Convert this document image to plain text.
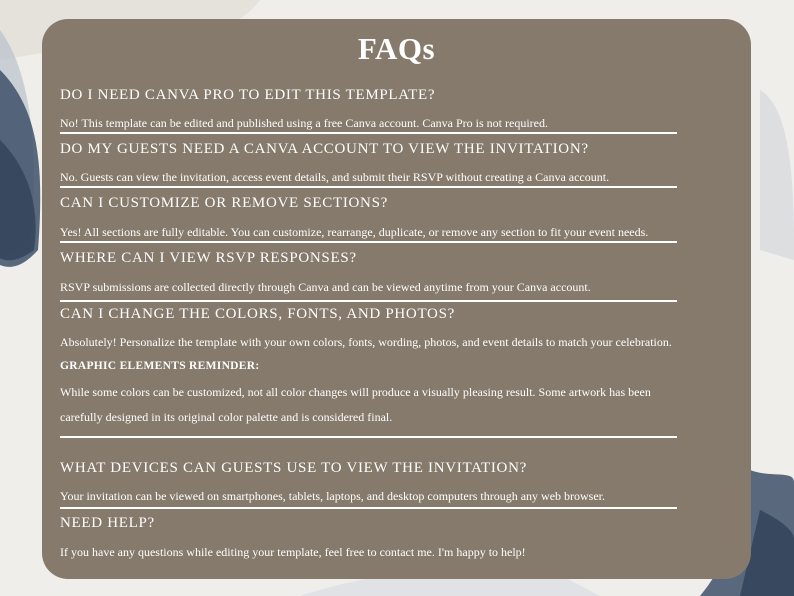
FAQs
DO I NEED CANVA PRO TO EDIT THIS TEMPLATE?
No! This template can be edited and published using a free Canva account. Canva Pro is not required.
DO MY GUESTS NEED A CANVA ACCOUNT TO VIEW THE INVITATION?
No. Guests can view the invitation, access event details, and submit their RSVP without creating a Canva account.
CAN I CUSTOMIZE OR REMOVE SECTIONS?
Yes! All sections are fully editable. You can customize, rearrange, duplicate, or remove any section to fit your event needs.
WHERE CAN I VIEW RSVP RESPONSES?
RSVP submissions are collected directly through Canva and can be viewed anytime from your Canva account.
CAN I CHANGE THE COLORS, FONTS, AND PHOTOS?
Absolutely! Personalize the template with your own colors, fonts, wording, photos, and event details to match your celebration.
GRAPHIC ELEMENTS REMINDER:
While some colors can be customized, not all color changes will produce a visually pleasing result. Some artwork has been
carefully designed in its original color palette and is considered final.
WHAT DEVICES CAN GUESTS USE TO VIEW THE INVITATION?
Your invitation can be viewed on smartphones, tablets, laptops, and desktop computers through any web browser.
NEED HELP?
If you have any questions while editing your template, feel free to contact me. I'm happy to help!
